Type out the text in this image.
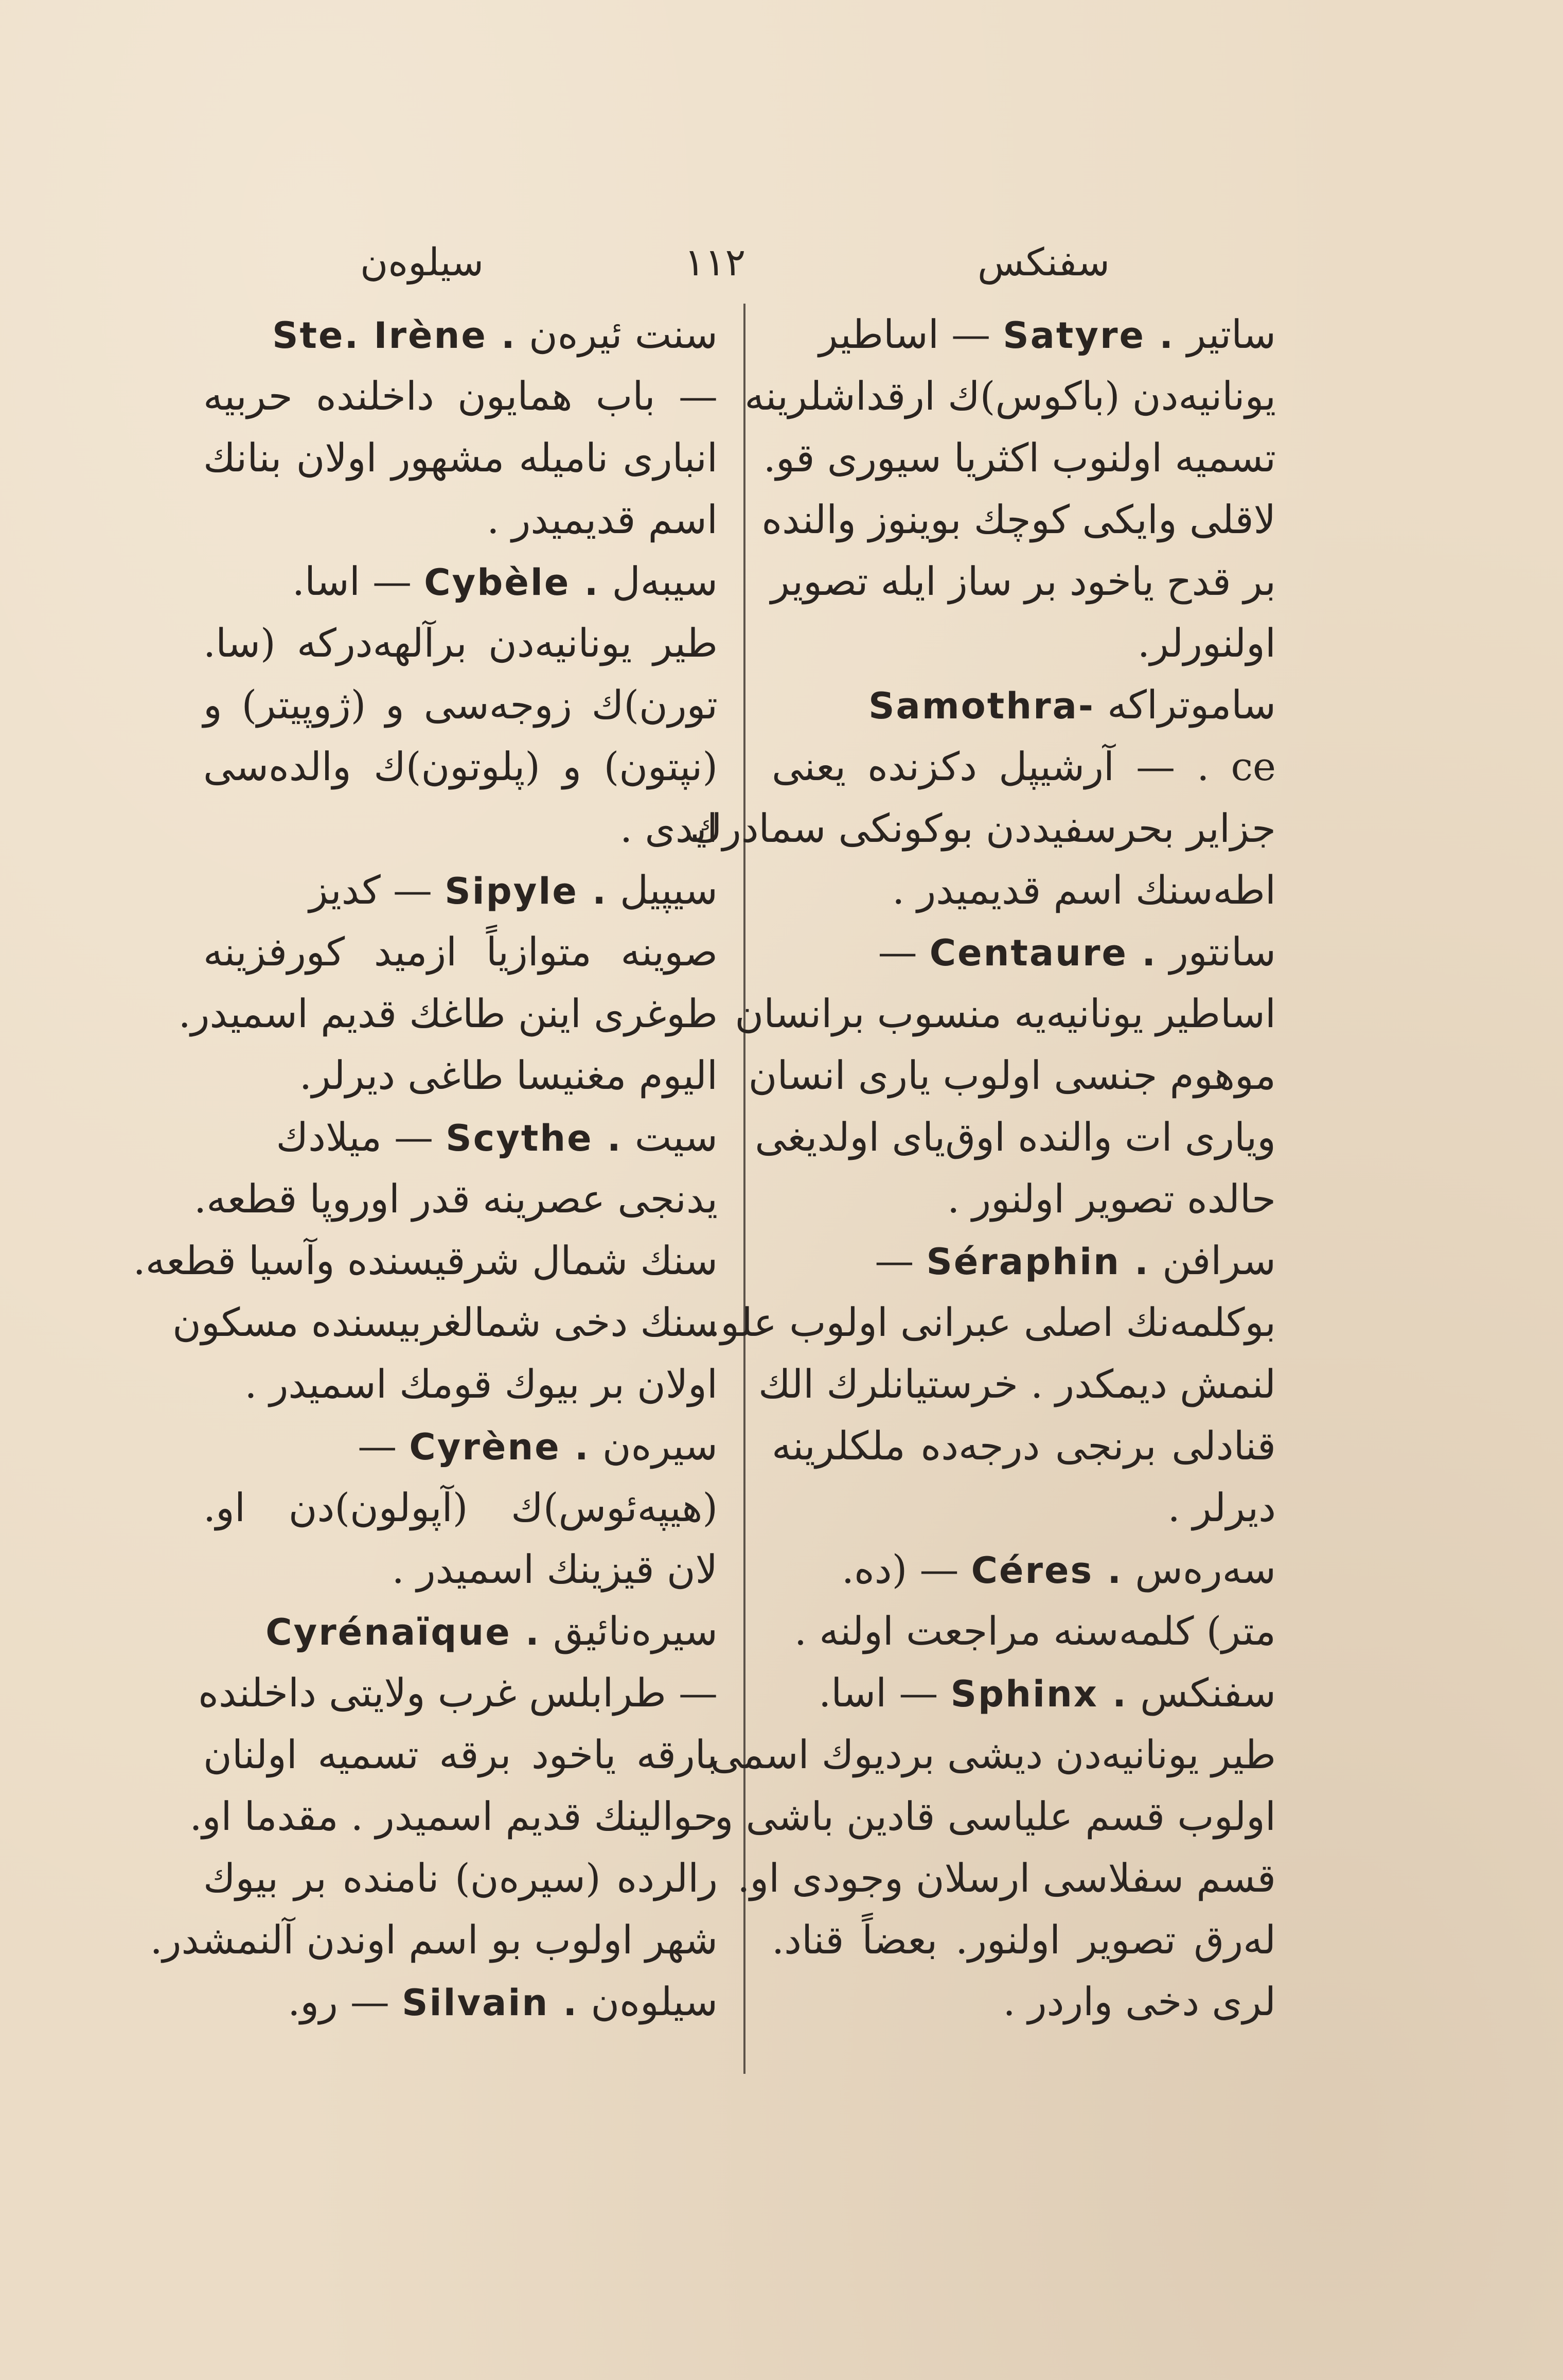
سیلوه‌ن	۱۱۲	سفنکس
ساتیر Satyre . — اساطیر
یونانیه‌دن (باکوس)ك ارقداشلرینه
تسمیه اولنوب اکثریا سیوری قو.
لاقلی وایکی کوچك بوینوز والنده
بر قدح یاخود بر ساز ایله تصویر
اولنورلر.
ساموتراکه Samothra-
ce . — آرشیپل دکزنده یعنی
جزایر بحرسفیددن بوکونکی سمادرك
اطه‌سنك اسم قدیمیدر .
سانتور Centaure . —
اساطیر یونانیه‌یه منسوب برانسان
موهوم جنسی اولوب یاری انسان
ویاری ات والنده اوق‌یای اولدیغی
حالده تصویر اولنور .
سرافن Séraphin . —
بوکلمه‌نك اصلی عبرانی اولوب علو.
لنمش دیمکدر . خرستیانلرك الك
قنادلی برنجی درجه‌ده ملکلرینه
دیرلر .
سه‌ره‌س Céres . — (ده.
متر) کلمه‌سنه مراجعت اولنه .
سفنکس Sphinx . — اسا.
طیر یونانیه‌دن دیشی بردیوك اسمی
اولوب قسم علیاسی قادین باشی و
قسم سفلاسی ارسلان وجودی او.
له‌رق تصویر اولنور. بعضاً قناد.
لری دخی واردر .
سنت ئیره‌ن Ste. Irène .
— باب همایون داخلنده حربیه
انباری نامیله مشهور اولان بنانك
اسم قدیمیدر .
سیبه‌ل Cybèle . — اسا.
طیر یونانیه‌دن برآلهه‌درکه (سا.
تورن)ك زوجه‌سی و (ژوپیتر) و
(نپتون) و (پلوتون)ك والده‌سی
ایدی .
سیپیل Sipyle . — کدیز
صوینه متوازیاً ازمید کورفزینه
طوغری اینن طاغك قدیم اسمیدر.
الیوم مغنیسا طاغی دیرلر.
سیت Scythe . — میلادك
یدنجی عصرینه قدر اوروپا قطعه.
سنك شمال شرقیسنده وآسیا قطعه.
سنك دخی شمالغربیسنده مسکون
اولان بر بیوك قومك اسمیدر .
سیره‌ن Cyrène . —
(هیپه‌ئوس)ك (آپولون)دن او.
لان قیزینك اسمیدر .
سیره‌نائیق Cyrénaïque .
— طرابلس غرب ولایتی داخلنده
بارقه یاخود برقه تسمیه اولنان
حوالینك قدیم اسمیدر . مقدما او.
رالرده (سیره‌ن) نامنده بر بیوك
شهر اولوب بو اسم اوندن آلنمشدر.
سیلوه‌ن Silvain . — رو.
